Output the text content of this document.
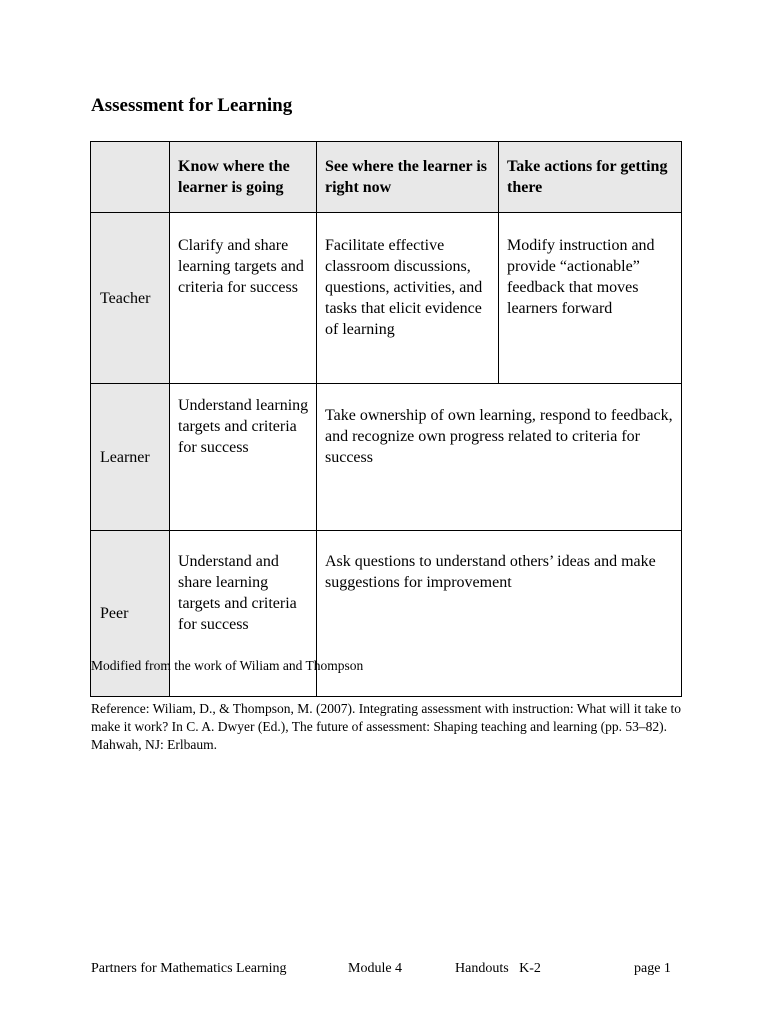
Assessment for Learning
	Know where the learner is going	See where the learner is right now	Take actions for getting there
Teacher	Clarify and share learning targets and criteria for success	Facilitate effective classroom discussions, questions, activities, and tasks that elicit evidence of learning	Modify instruction and provide “actionable” feedback that moves learners forward
Learner	Understand learning targets and criteria for success	Take ownership of own learning, respond to feedback, and recognize own progress related to criteria for success	
Peer	Understand and share learning targets and criteria for success	Ask questions to understand others’ ideas and make suggestions for improvement	

Modified from the work of Wiliam and Thompson

Reference: Wiliam, D., & Thompson, M. (2007). Integrating assessment with instruction: What will it take to make it work? In C. A. Dwyer (Ed.), The future of assessment: Shaping teaching and learning (pp. 53–82). Mahwah, NJ: Erlbaum.

Partners for Mathematics Learning	Module 4	Handouts   K-2	page 1
